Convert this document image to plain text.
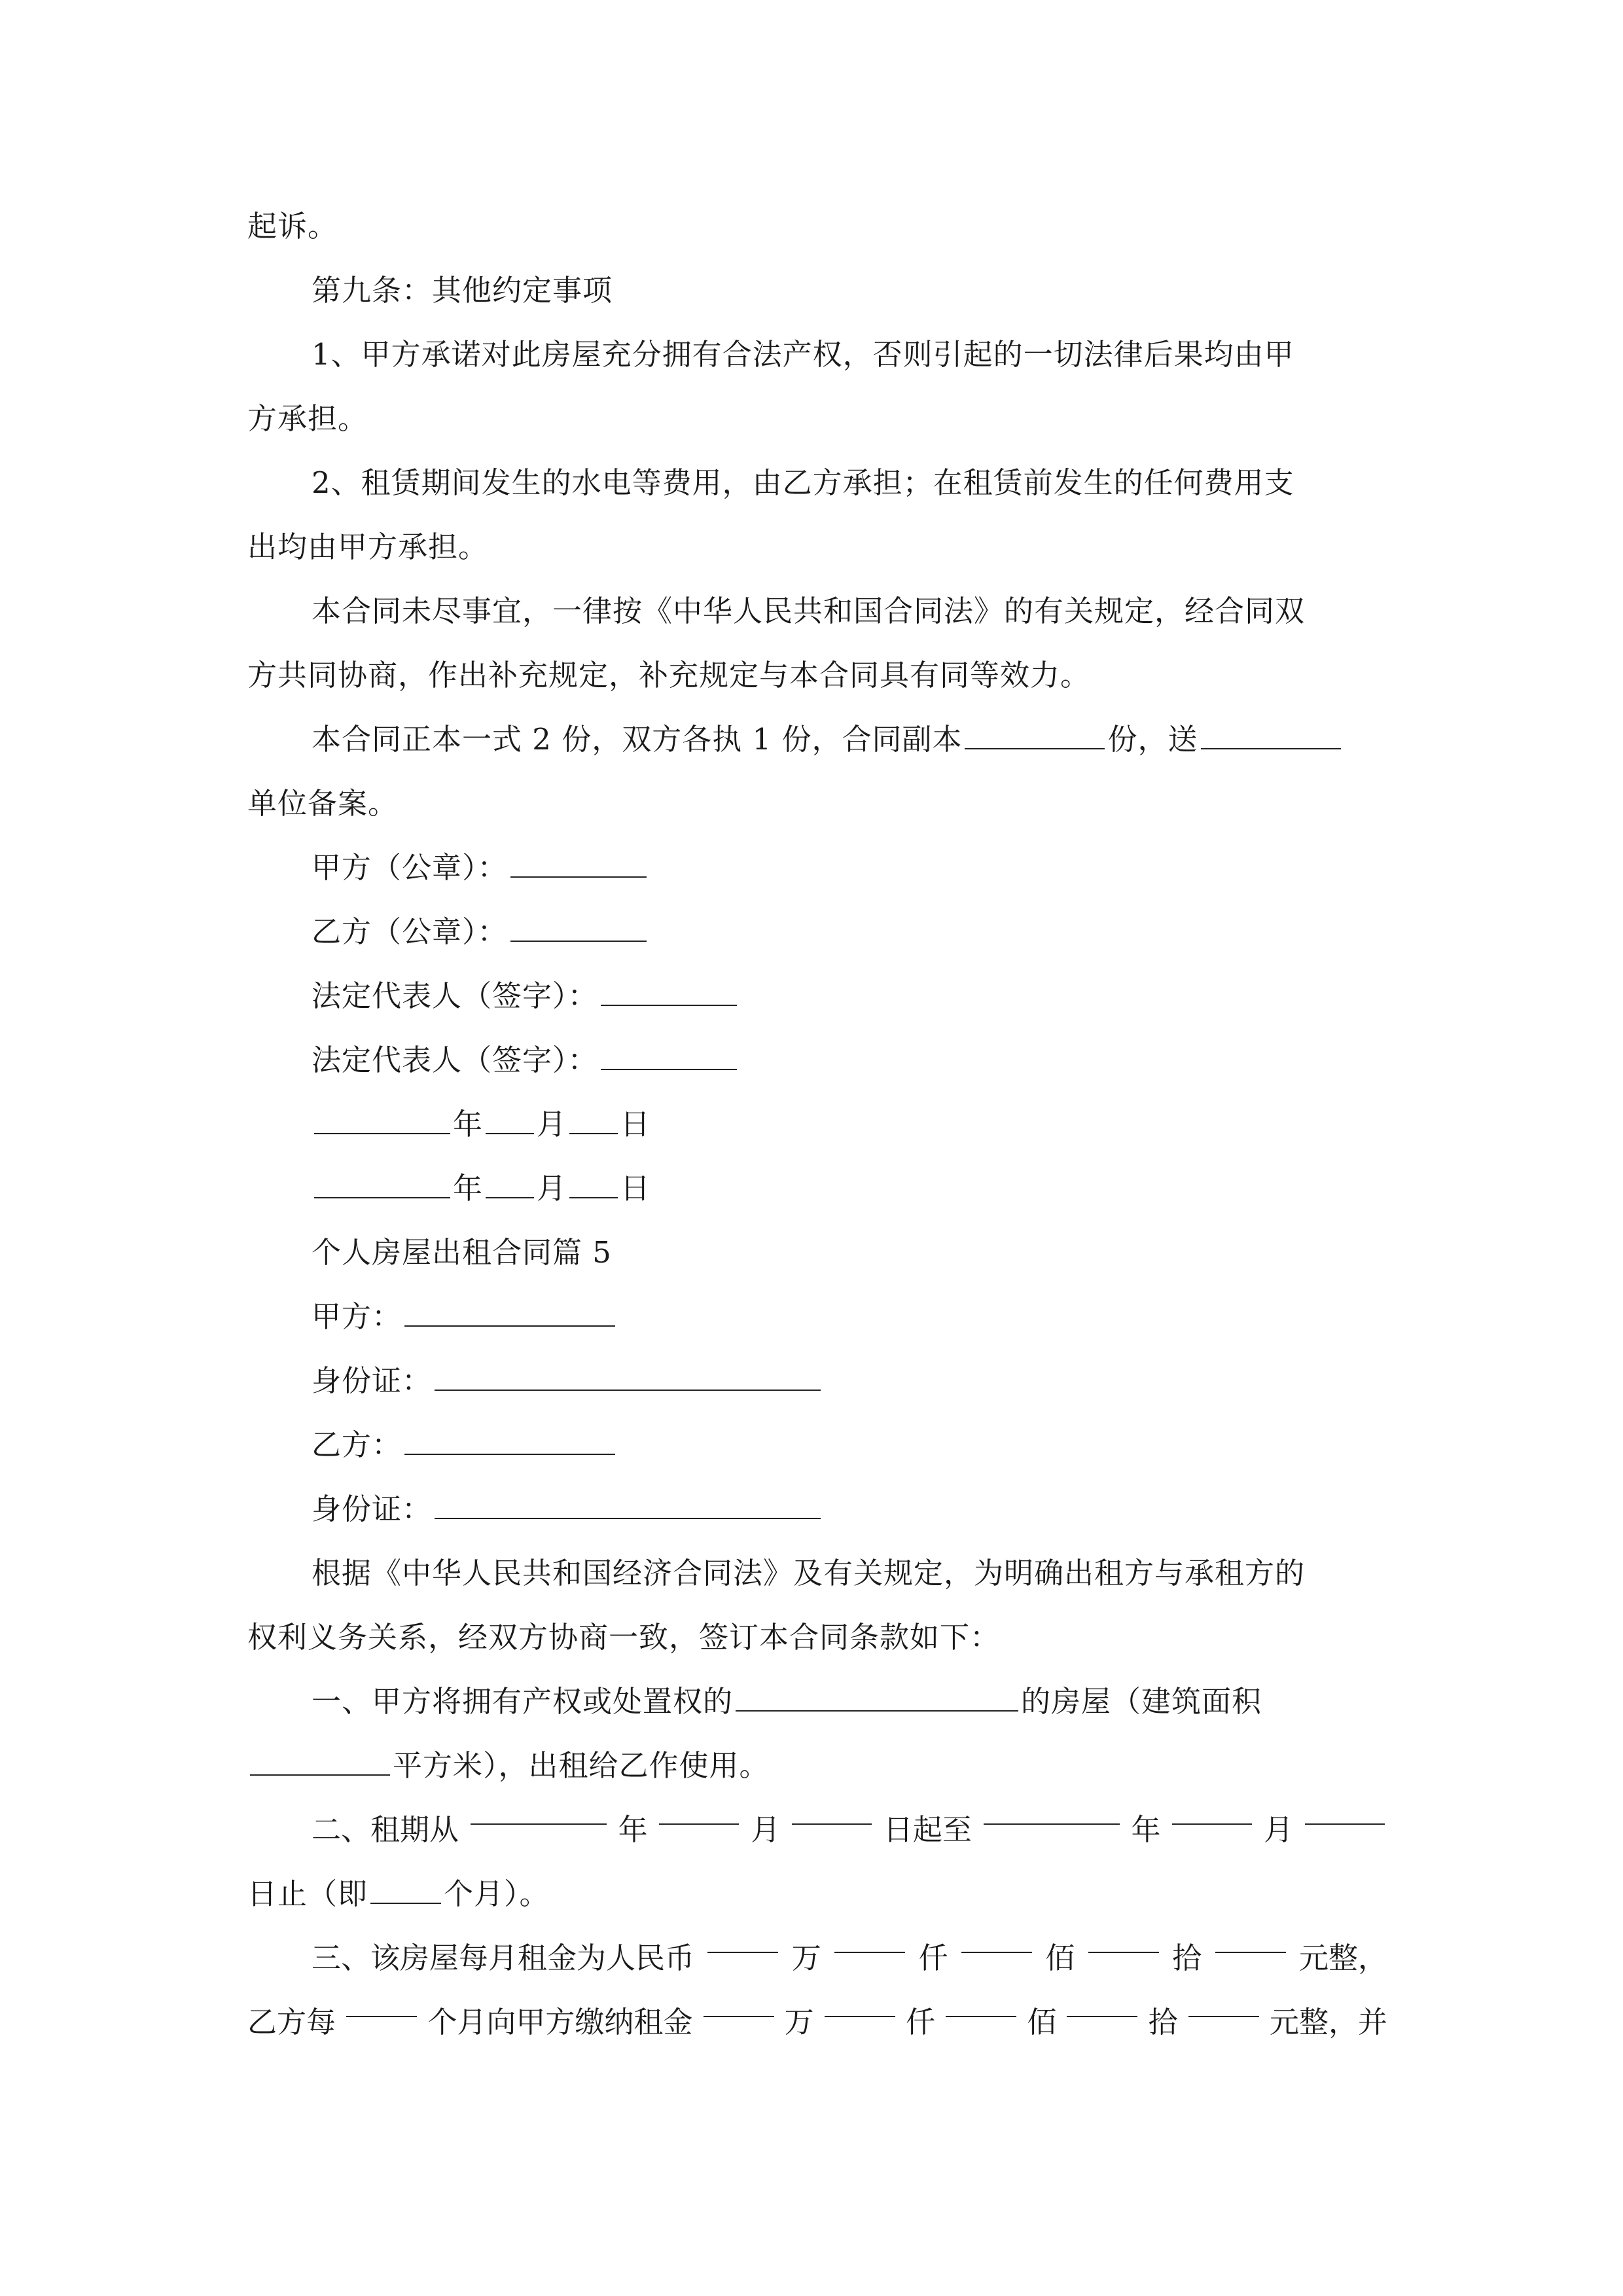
起诉。
第九条：其他约定事项
1、甲方承诺对此房屋充分拥有合法产权，否则引起的一切法律后果均由甲
方承担。
2、租赁期间发生的水电等费用，由乙方承担；在租赁前发生的任何费用支
出均由甲方承担。
本合同未尽事宜，一律按《中华人民共和国合同法》的有关规定，经合同双
方共同协商，作出补充规定，补充规定与本合同具有同等效力。
本合同正本一式 2 份，双方各执 1 份，合同副本	份，送
单位备案。
甲方（公章）：
乙方（公章）：
法定代表人（签字）：
法定代表人（签字）：
年 月 日
年 月 日
个人房屋出租合同篇 5
甲方：
身份证：
乙方：
身份证：
根据《中华人民共和国经济合同法》及有关规定，为明确出租方与承租方的
权利义务关系，经双方协商一致，签订本合同条款如下：
一、甲方将拥有产权或处置权的	的房屋（建筑面积
平方米），出租给乙作使用。
二、租期从	年	月	日起至	年	月
日止（即	个月）。
三、该房屋每月租金为人民币	万	仟	佰	拾	元整，
乙方每	个月向甲方缴纳租金	万	仟	佰	拾	元整，并
